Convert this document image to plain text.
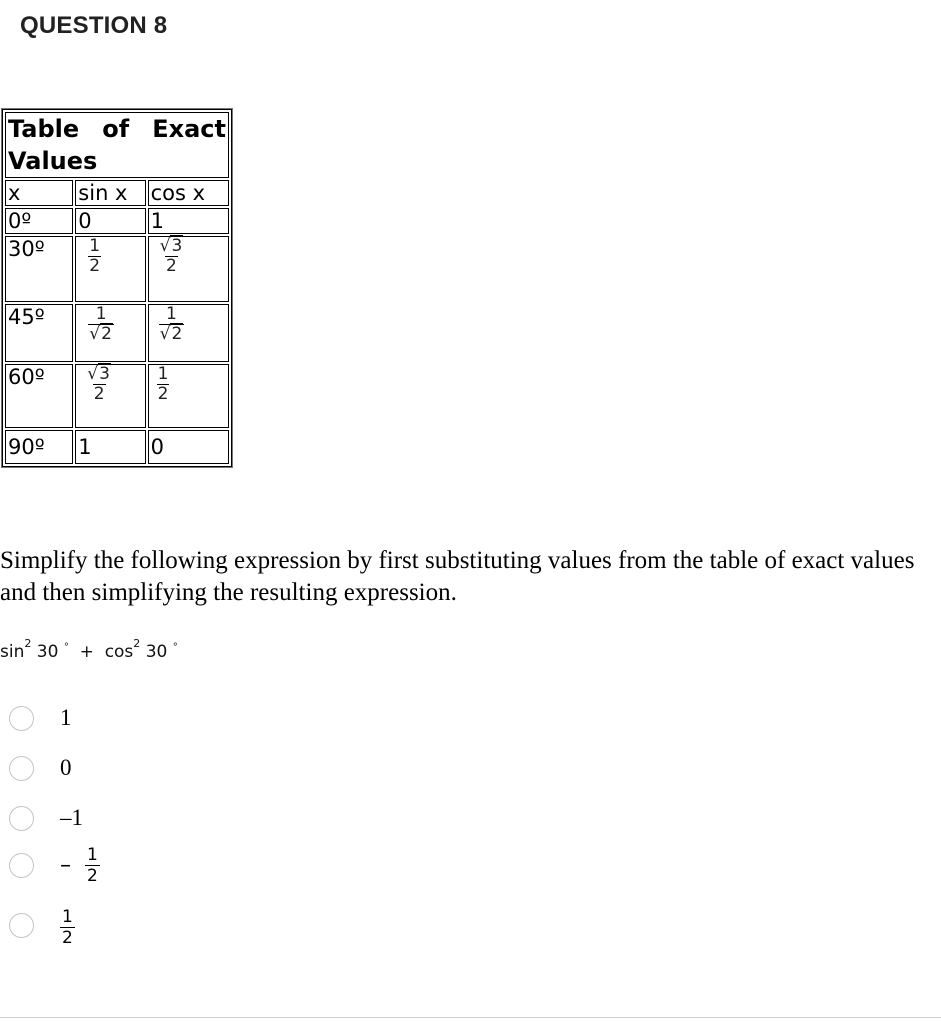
QUESTION 8
Table of Exact
Values		

x	sin x	cos x
0º	0	1
30º	$\frac{1}{2}$	$\frac{√3}{2}$

45º	$\frac{1}{√2}$	$\frac{1}{√2}$

60º	$\frac{√3}{2}$	$\frac{1}{2}$

90º	1	0
Simplify the following expression by first substituting values from the table of exact values and then simplifying the resulting expression.
$\sin^2 30$ $^\circ + \cos^2 30$ °
1
0
–1
– $\frac{1}{2}$
$\frac{1}{2}$
